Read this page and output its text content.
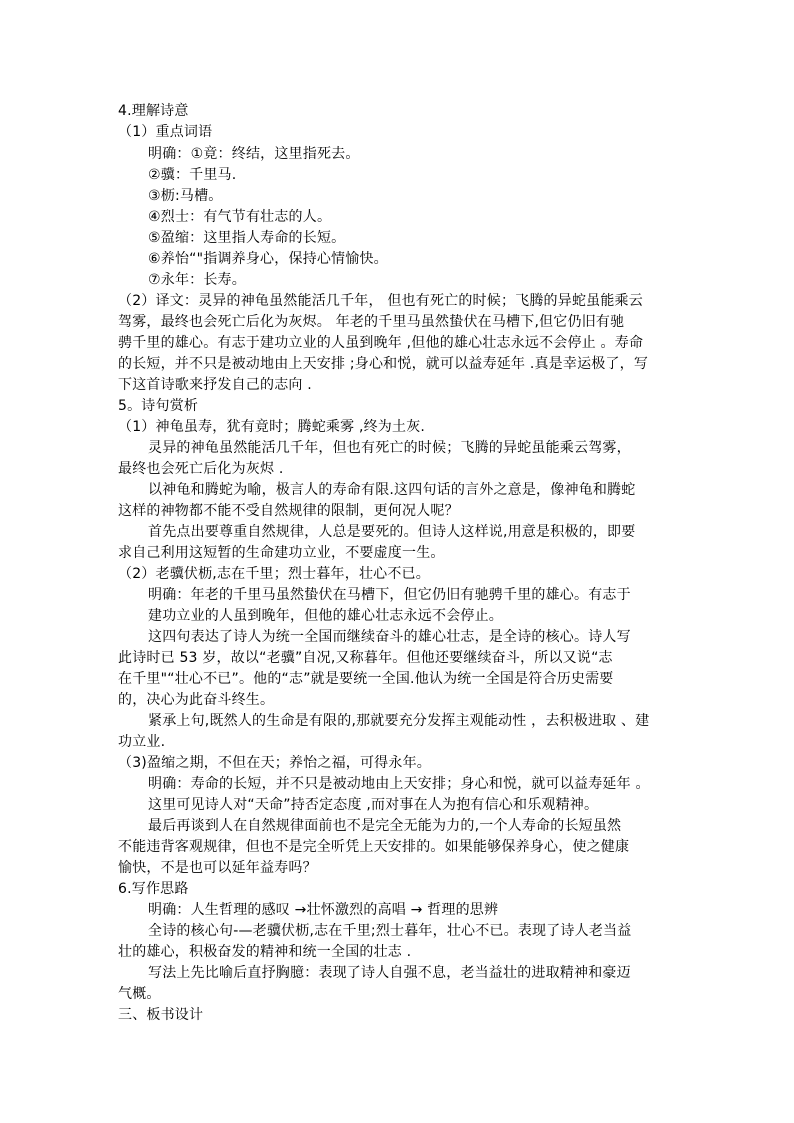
4.理解诗意
（1）重点词语
明确：①竟：终结，这里指死去。
②骥：千里马.
③枥:马槽。
④烈士：有气节有壮志的人。
⑤盈缩：这里指人寿命的长短。
⑥养怡“"指调养身心，保持心情愉快。
⑦永年：长寿。
（2）译文：灵异的神龟虽然能活几千年， 但也有死亡的时候；飞腾的异蛇虽能乘云
驾雾，最终也会死亡后化为灰烬。 年老的千里马虽然蛰伏在马槽下,但它仍旧有驰
骋千里的雄心。有志于建功立业的人虽到晚年 ,但他的雄心壮志永远不会停止 。寿命
的长短，并不只是被动地由上天安排 ;身心和悦，就可以益寿延年 .真是幸运极了，写
下这首诗歌来抒发自己的志向 .
5。诗句赏析
（1）神龟虽寿，犹有竟时；腾蛇乘雾 ,终为土灰.
灵异的神龟虽然能活几千年，但也有死亡的时候；飞腾的异蛇虽能乘云驾雾，
最终也会死亡后化为灰烬 .
以神龟和腾蛇为喻，极言人的寿命有限.这四句话的言外之意是，像神龟和腾蛇
这样的神物都不能不受自然规律的限制，更何况人呢？
首先点出要尊重自然规律，人总是要死的。但诗人这样说,用意是积极的，即要
求自己利用这短暂的生命建功立业，不要虚度一生。
（2）老骥伏枥,志在千里；烈士暮年，壮心不已。
明确：年老的千里马虽然蛰伏在马槽下，但它仍旧有驰骋千里的雄心。有志于
建功立业的人虽到晚年，但他的雄心壮志永远不会停止。
这四句表达了诗人为统一全国而继续奋斗的雄心壮志，是全诗的核心。诗人写
此诗时已 53 岁，故以“老骥”自况,又称暮年。但他还要继续奋斗，所以又说“志
在千里"“壮心不已”。他的“志”就是要统一全国.他认为统一全国是符合历史需要
的，决心为此奋斗终生。
紧承上句,既然人的生命是有限的,那就要充分发挥主观能动性 ，去积极进取 、建
功立业.
（3)盈缩之期，不但在天；养怡之福，可得永年。
明确：寿命的长短，并不只是被动地由上天安排；身心和悦，就可以益寿延年 。
这里可见诗人对“天命”持否定态度 ,而对事在人为抱有信心和乐观精神。
最后再谈到人在自然规律面前也不是完全无能为力的,一个人寿命的长短虽然
不能违背客观规律，但也不是完全听凭上天安排的。如果能够保养身心，使之健康
愉快，不是也可以延年益寿吗？
6.写作思路
明确：人生哲理的感叹 →壮怀激烈的高唱 → 哲理的思辨
全诗的核心句-—老骥伏枥,志在千里;烈士暮年，壮心不已。表现了诗人老当益
壮的雄心，积极奋发的精神和统一全国的壮志 .
写法上先比喻后直抒胸臆：表现了诗人自强不息，老当益壮的进取精神和豪迈
气概。
三、板书设计
